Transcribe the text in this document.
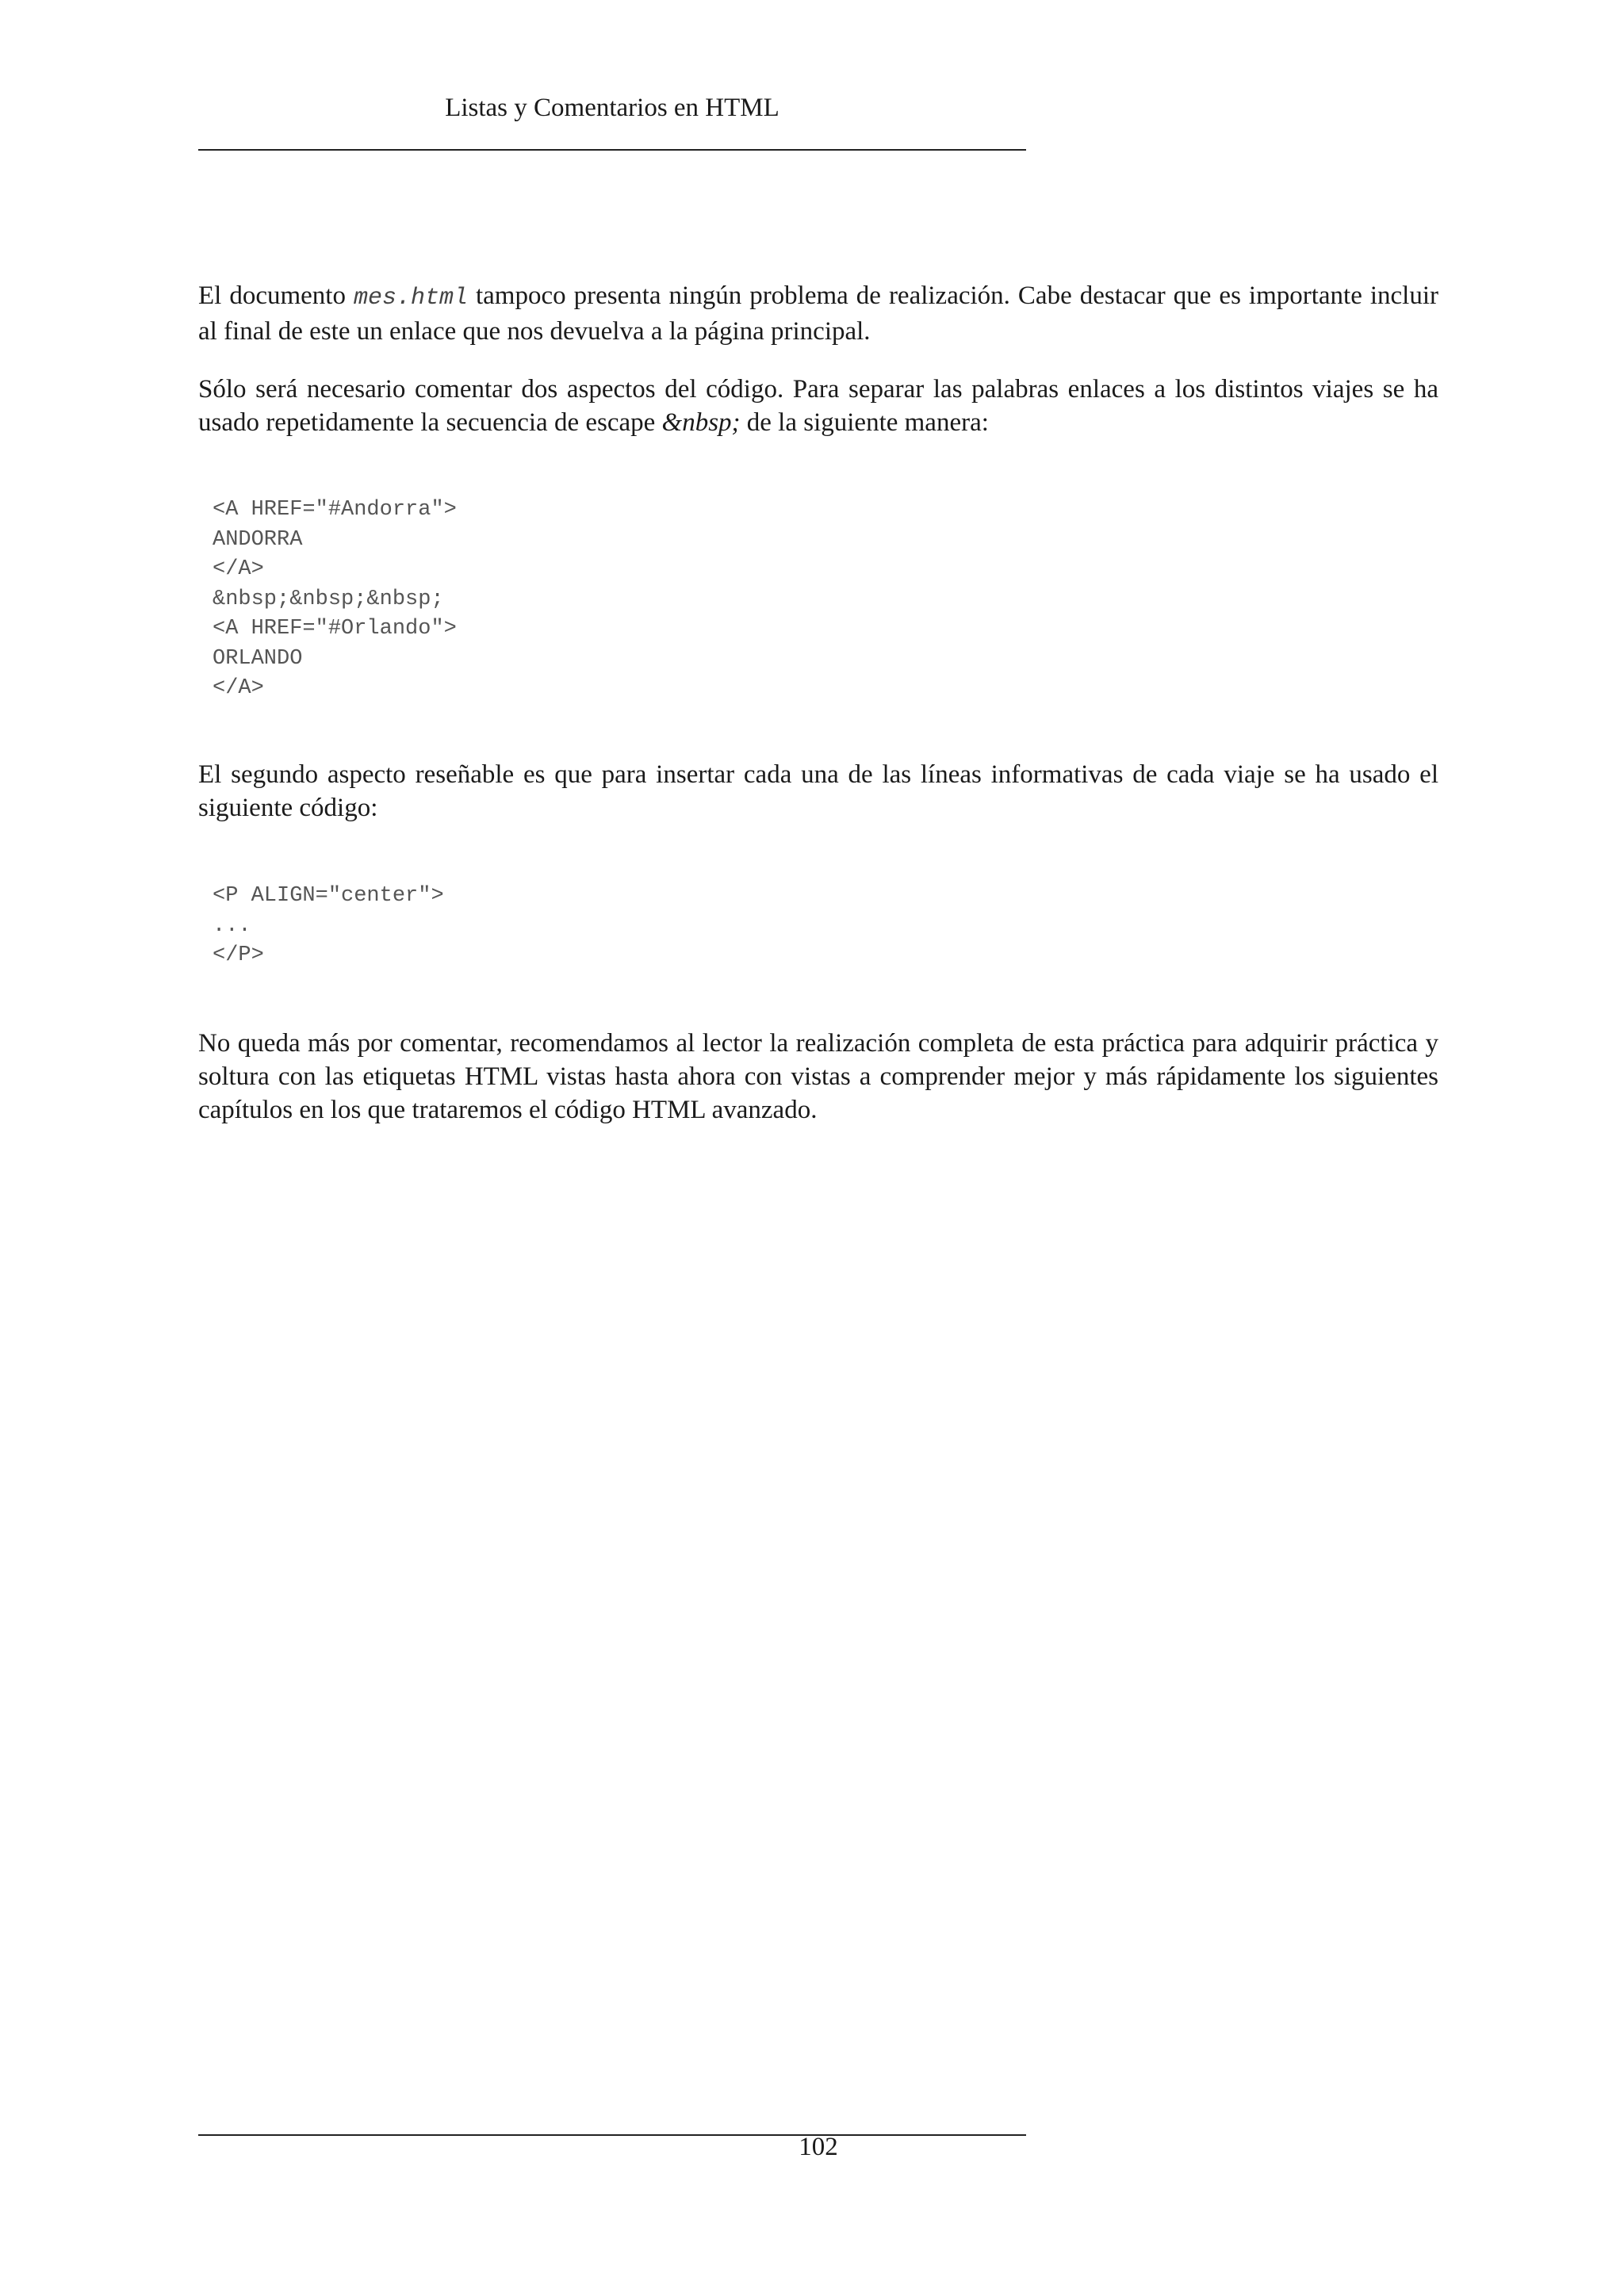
Listas y Comentarios en HTML

El documento mes.html tampoco presenta ningún problema de realización. Cabe destacar que es importante incluir al final de este un enlace que nos devuelva a la página principal.

Sólo será necesario comentar dos aspectos del código. Para separar las palabras enlaces a los distintos viajes se ha usado repetidamente la secuencia de escape &nbsp; de la siguiente manera:

<A HREF="#Andorra">
ANDORRA
</A>
&nbsp;&nbsp;&nbsp;
<A HREF="#Orlando">
ORLANDO
</A>

El segundo aspecto reseñable es que para insertar cada una de las líneas informativas de cada viaje se ha usado el siguiente código:

<P ALIGN="center">
...
</P>

No queda más por comentar, recomendamos al lector la realización completa de esta práctica para adquirir práctica y soltura con las etiquetas HTML vistas hasta ahora con vistas a comprender mejor y más rápidamente los siguientes capítulos en los que trataremos el código HTML avanzado.

102
